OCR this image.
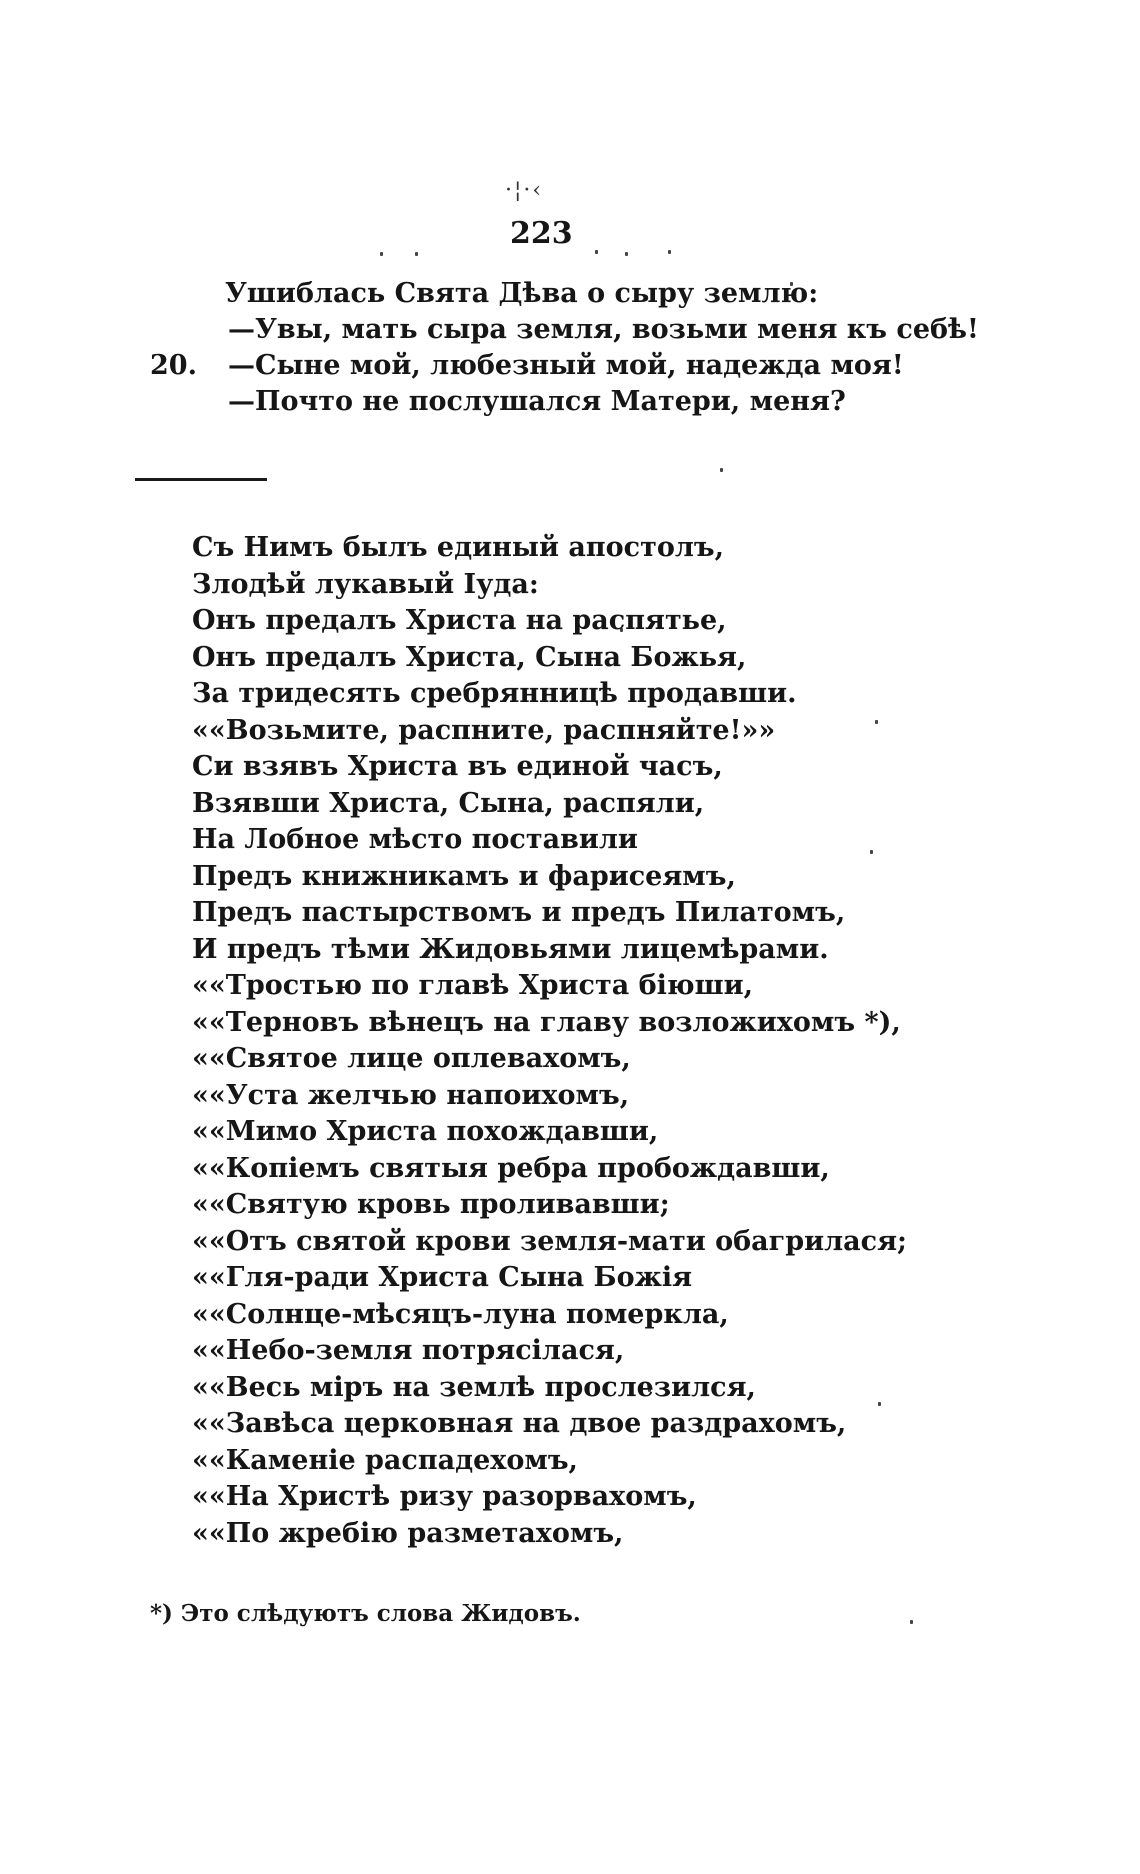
·¦·‹
223
Ушиблась Свята Дѣва о сыру землю:
—Увы, мать сыра земля, возьми меня къ себѣ!
20. —Сыне мой, любезный мой, надежда моя!
—Почто не послушался Матери, меня?
Съ Нимъ былъ единый апостолъ,
Злодѣй лукавый Іуда:
Онъ предалъ Христа на распятье,
Онъ предалъ Христа, Сына Божья,
За тридесять сребрянницѣ продавши.
««Возьмите, распните, распняйте!»»
Си взявъ Христа въ единой часъ,
Взявши Христа, Сына, распяли,
На Лобное мѣсто поставили
Предъ книжникамъ и фарисеямъ,
Предъ пастырствомъ и предъ Пилатомъ,
И предъ тѣми Жидовьями лицемѣрами.
««Тростью по главѣ Христа біюши,
««Терновъ вѣнецъ на главу возложихомъ *),
««Святое лице оплевахомъ,
««Уста желчью напоихомъ,
««Мимо Христа похождавши,
««Копіемъ святыя ребра пробождавши,
««Святую кровь проливавши;
««Отъ святой крови земля-мати обагрилася;
««Гля-ради Христа Сына Божія
««Солнце-мѣсяцъ-луна померкла,
««Небо-земля потрясілася,
««Весь міръ на землѣ прослезился,
««Завѣса церковная на двое раздрахомъ,
««Каменіе распадехомъ,
««На Христѣ ризу разорвахомъ,
««По жребію разметахомъ,
*) Это слѣдуютъ слова Жидовъ.
